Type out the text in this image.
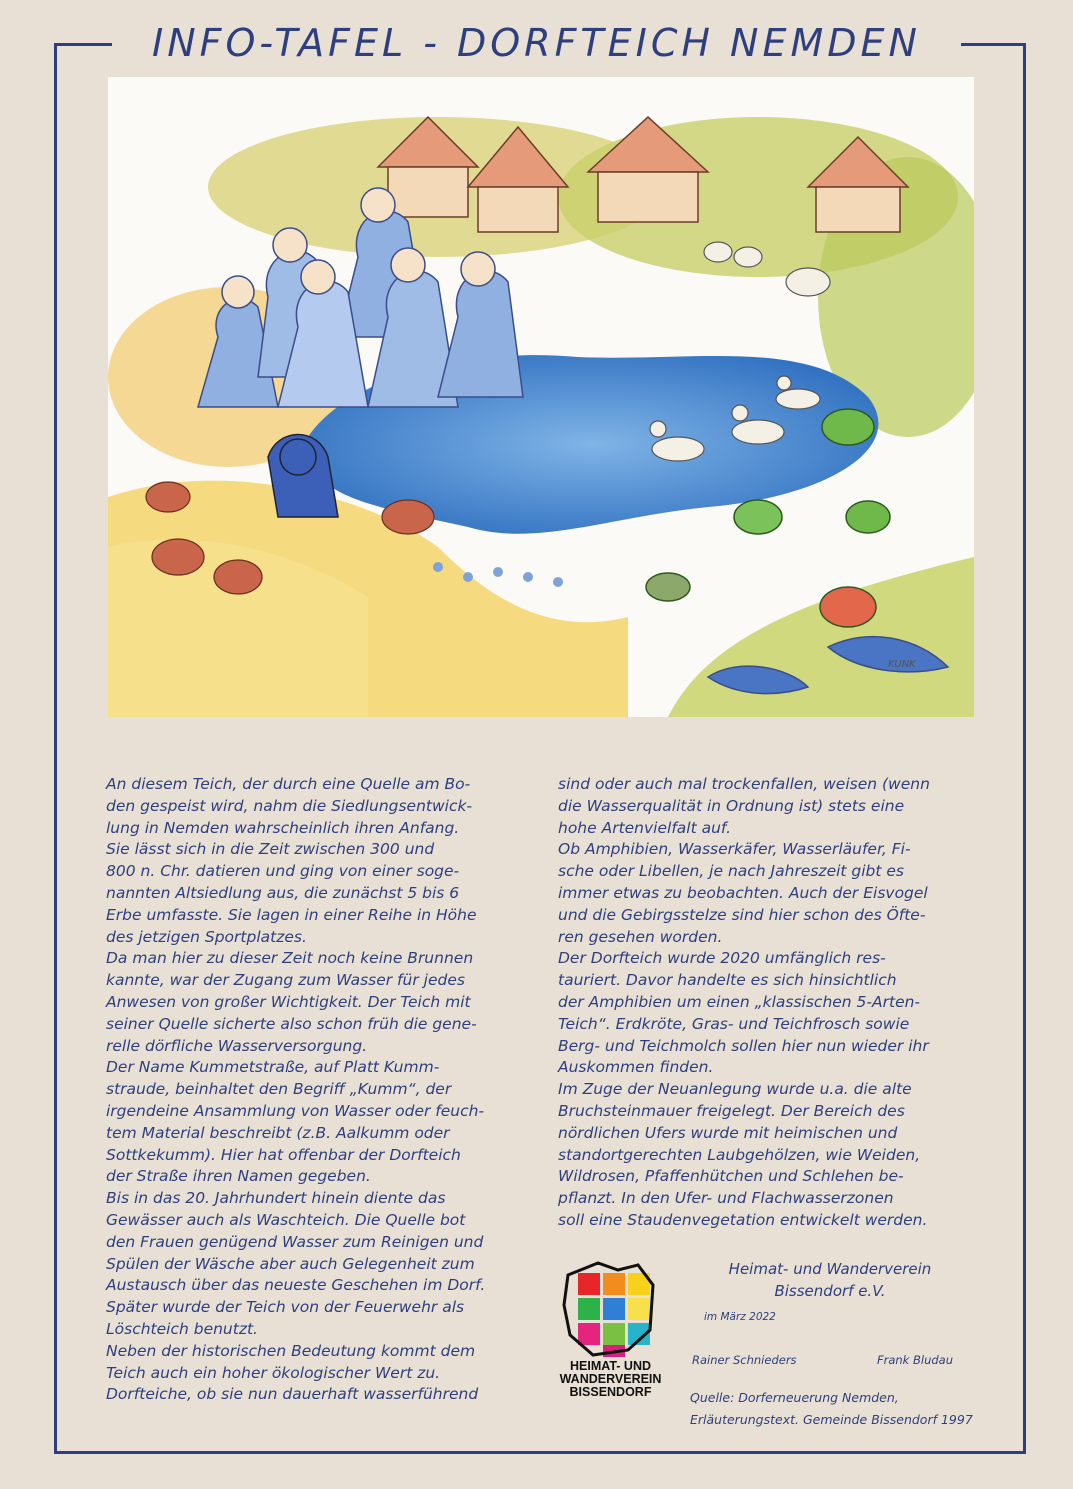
INFO-TAFEL - DORFTEICH NEMDEN
KUNK
An diesem Teich, der durch eine Quelle am Bo-
den gespeist wird, nahm die Siedlungsentwick-
lung in Nemden wahrscheinlich ihren Anfang.
Sie lässt sich in die Zeit zwischen 300 und
800 n. Chr. datieren und ging von einer soge-
nannten Altsiedlung aus, die zunächst 5 bis 6
Erbe umfasste. Sie lagen in einer Reihe in Höhe
des jetzigen Sportplatzes.
Da man hier zu dieser Zeit noch keine Brunnen
kannte, war der Zugang zum Wasser für jedes
Anwesen von großer Wichtigkeit. Der Teich mit
seiner Quelle sicherte also schon früh die gene-
relle dörfliche Wasserversorgung.
Der Name Kummetstraße, auf Platt Kumm-
straude, beinhaltet den Begriff „Kumm“, der
irgendeine Ansammlung von Wasser oder feuch-
tem Material beschreibt (z.B. Aalkumm oder
Sottkekumm). Hier hat offenbar der Dorfteich
der Straße ihren Namen gegeben.
Bis in das 20. Jahrhundert hinein diente das
Gewässer auch als Waschteich. Die Quelle bot
den Frauen genügend Wasser zum Reinigen und
Spülen der Wäsche aber auch Gelegenheit zum
Austausch über das neueste Geschehen im Dorf.
Später wurde der Teich von der Feuerwehr als
Löschteich benutzt.
Neben der historischen Bedeutung kommt dem
Teich auch ein hoher ökologischer Wert zu.
Dorfteiche, ob sie nun dauerhaft wasserführend
sind oder auch mal trockenfallen, weisen (wenn
die Wasserqualität in Ordnung ist) stets eine
hohe Artenvielfalt auf.
Ob Amphibien, Wasserkäfer, Wasserläufer, Fi-
sche oder Libellen, je nach Jahreszeit gibt es
immer etwas zu beobachten. Auch der Eisvogel
und die Gebirgsstelze sind hier schon des Öfte-
ren gesehen worden.
Der Dorfteich wurde 2020 umfänglich res-
tauriert. Davor handelte es sich hinsichtlich
der Amphibien um einen „klassischen 5-Arten-
Teich“. Erdkröte, Gras- und Teichfrosch sowie
Berg- und Teichmolch sollen hier nun wieder ihr
Auskommen finden.
Im Zuge der Neuanlegung wurde u.a. die alte
Bruchsteinmauer freigelegt. Der Bereich des
nördlichen Ufers wurde mit heimischen und
standortgerechten Laubgehölzen, wie Weiden,
Wildrosen, Pfaffenhütchen und Schlehen be-
pflanzt. In den Ufer- und Flachwasserzonen
soll eine Staudenvegetation entwickelt werden.
HEIMAT- UND
WANDERVEREIN
BISSENDORF
Heimat- und Wanderverein
Bissendorf e.V.
im März 2022
Rainer Schnieders	Frank Bludau
Quelle: Dorferneuerung Nemden,
Erläuterungstext. Gemeinde Bissendorf 1997
